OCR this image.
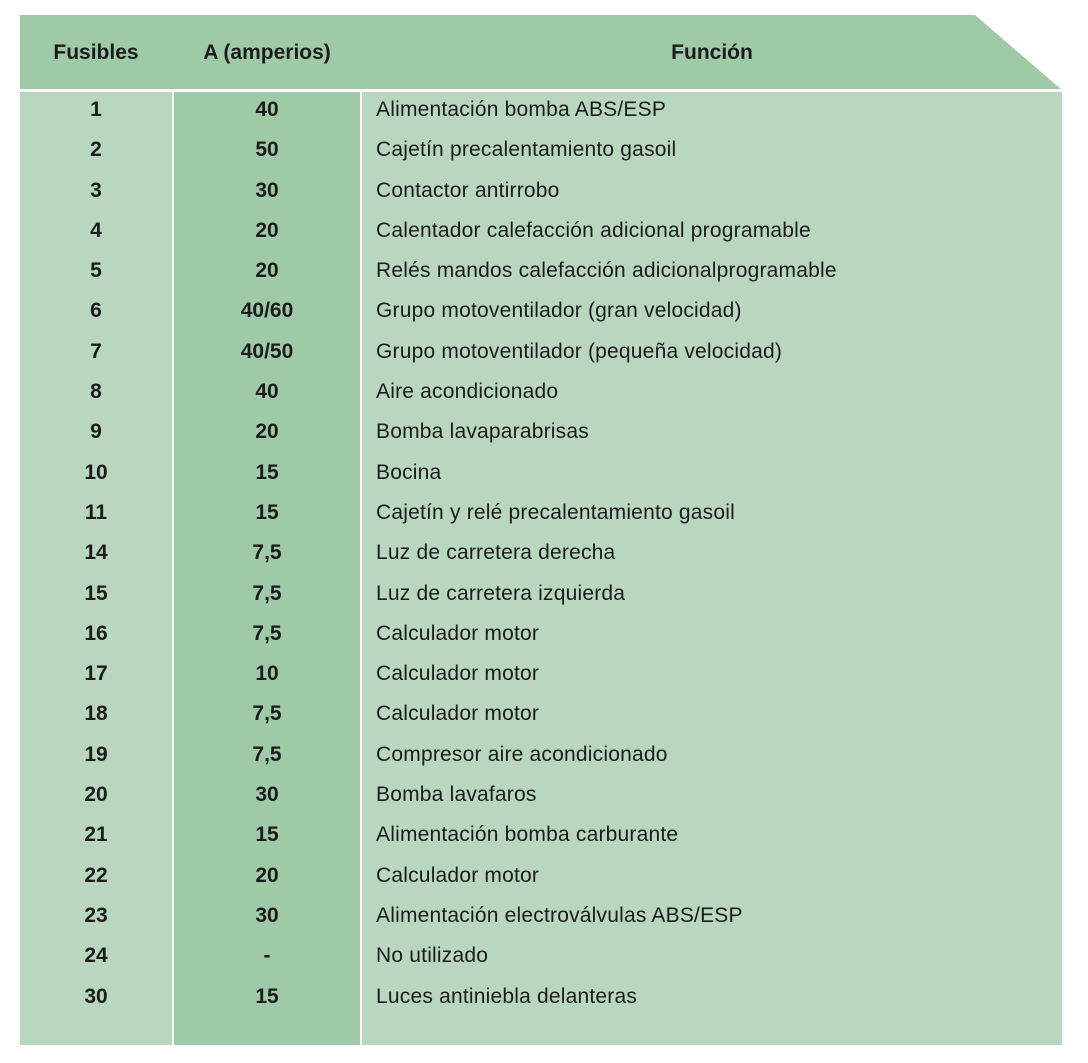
Fusibles	A (amperios)	Función
1	40	Alimentación bomba ABS/ESP
2	50	Cajetín precalentamiento gasoil
3	30	Contactor antirrobo
4	20	Calentador calefacción adicional programable
5	20	Relés mandos calefacción adicionalprogramable
6	40/60	Grupo motoventilador (gran velocidad)
7	40/50	Grupo motoventilador (pequeña velocidad)
8	40	Aire acondicionado
9	20	Bomba lavaparabrisas
10	15	Bocina
11	15	Cajetín y relé precalentamiento gasoil
14	7,5	Luz de carretera derecha
15	7,5	Luz de carretera izquierda
16	7,5	Calculador motor
17	10	Calculador motor
18	7,5	Calculador motor
19	7,5	Compresor aire acondicionado
20	30	Bomba lavafaros
21	15	Alimentación bomba carburante
22	20	Calculador motor
23	30	Alimentación electroválvulas ABS/ESP
24	-	No utilizado
30	15	Luces antiniebla delanteras
